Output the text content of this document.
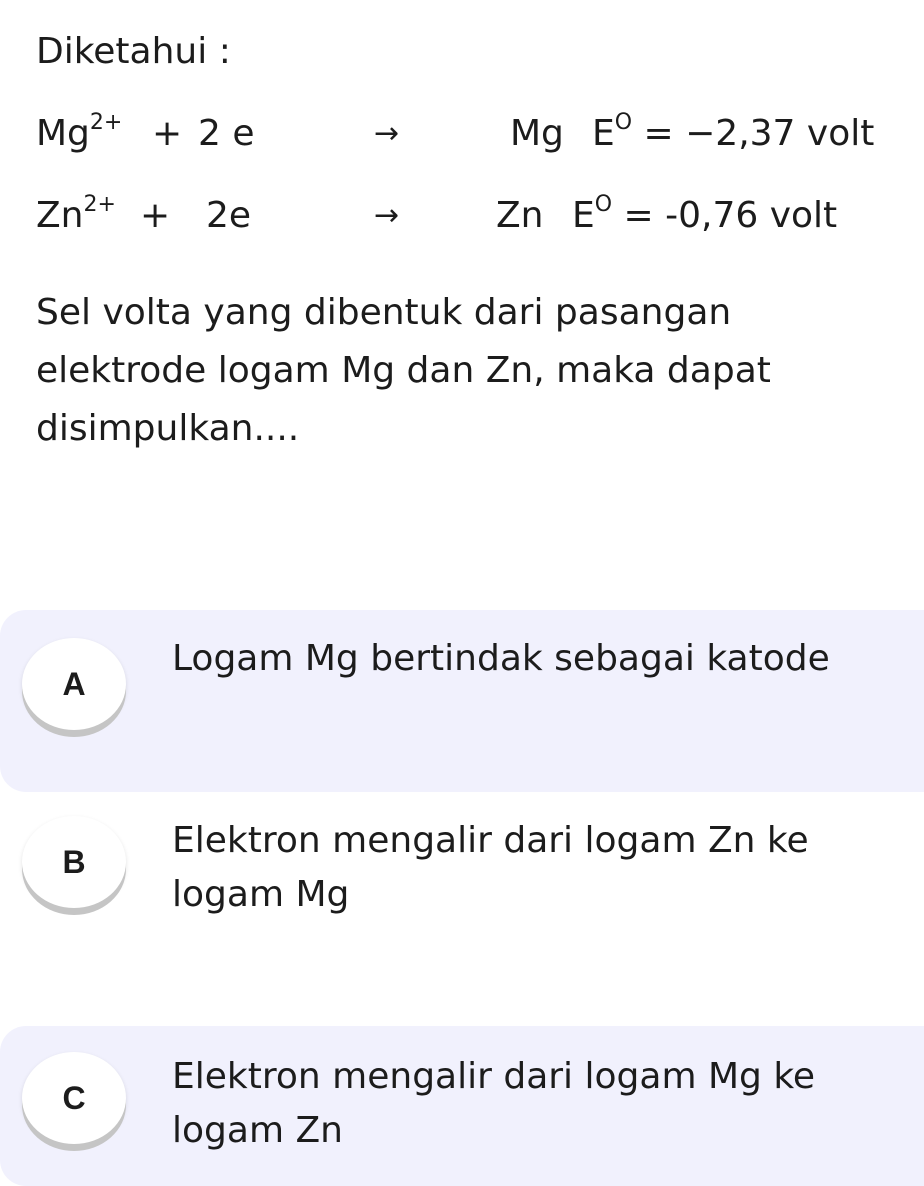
Diketahui :

$Mg^{2+} + 2$ e	→	Mg $E^O = -2,37$ volt
$Zn^{2+} + 2e$	→	Zn $E^O = -0,76$ volt

Sel volta yang dibentuk dari pasangan elektrode logam Mg dan Zn, maka dapat disimpulkan....

A
Logam Mg bertindak sebagai katode
B
Elektron mengalir dari logam Zn ke logam Mg
C
Elektron mengalir dari logam Mg ke logam Zn
